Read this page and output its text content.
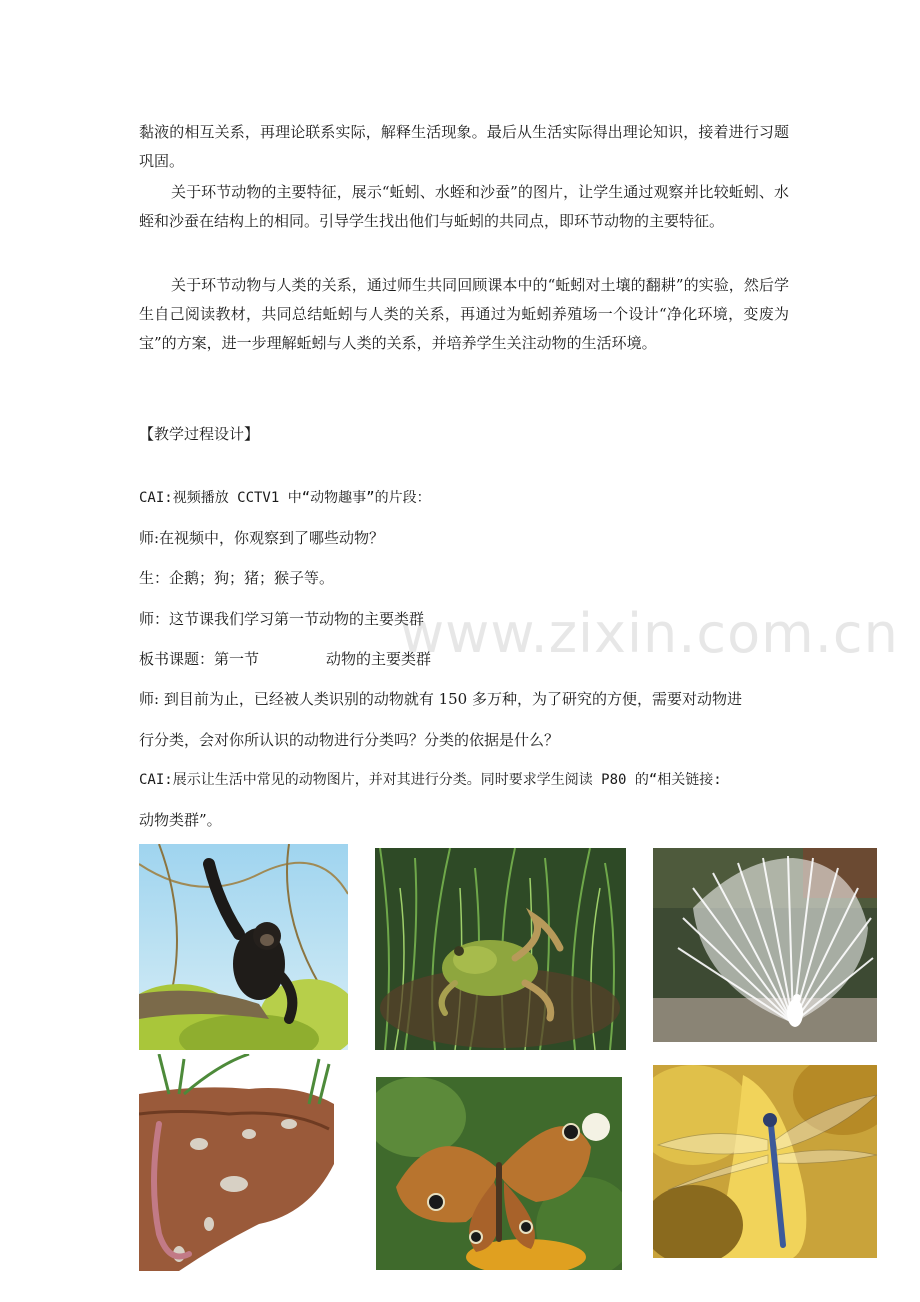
黏液的相互关系，再理论联系实际，解释生活现象。最后从生活实际得出理论知识，接着进行习题巩固。

关于环节动物的主要特征，展示“蚯蚓、水蛭和沙蚕”的图片，让学生通过观察并比较蚯蚓、水蛭和沙蚕在结构上的相同。引导学生找出他们与蚯蚓的共同点，即环节动物的主要特征。

关于环节动物与人类的关系，通过师生共同回顾课本中的“蚯蚓对土壤的翻耕”的实验，然后学生自己阅读教材，共同总结蚯蚓与人类的关系，再通过为蚯蚓养殖场一个设计“净化环境，变废为宝”的方案，进一步理解蚯蚓与人类的关系，并培养学生关注动物的生活环境。

【教学过程设计】
CAI:视频播放 CCTV1 中“动物趣事”的片段：
师:在视频中，你观察到了哪些动物？
生：企鹅；狗；猪；猴子等。
师：这节课我们学习第一节动物的主要类群
板书课题：第一节	动物的主要类群
师: 到目前为止，已经被人类识别的动物就有 150 多万种，为了研究的方便，需要对动物进
行分类，会对你所认识的动物进行分类吗？分类的依据是什么？
CAI:展示让生活中常见的动物图片，并对其进行分类。同时要求学生阅读 P80 的“相关链接:
动物类群”。
www.zixin.com.cn
